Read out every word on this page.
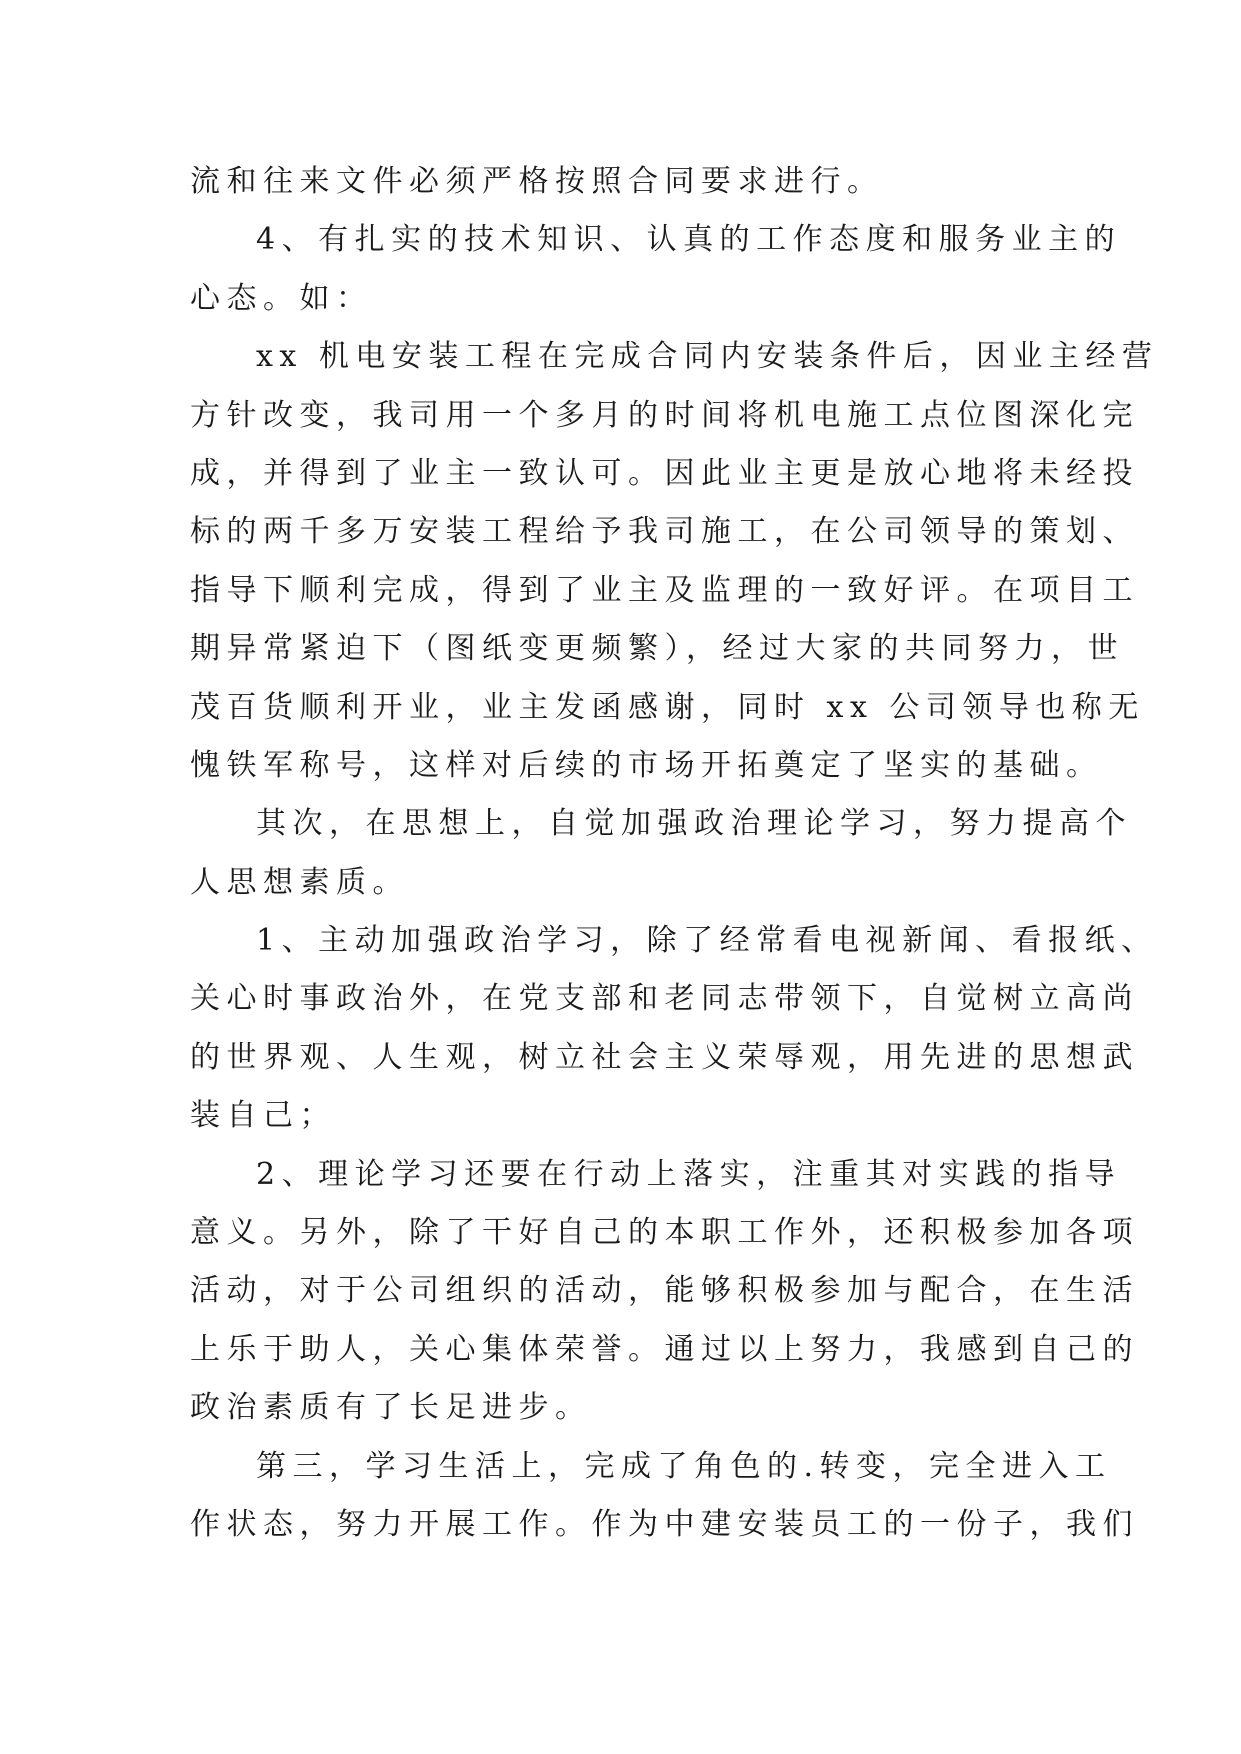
流和往来文件必须严格按照合同要求进行。
4、有扎实的技术知识、认真的工作态度和服务业主的
心态。如：
xx 机电安装工程在完成合同内安装条件后，因业主经营
方针改变，我司用一个多月的时间将机电施工点位图深化完
成，并得到了业主一致认可。因此业主更是放心地将未经投
标的两千多万安装工程给予我司施工，在公司领导的策划、
指导下顺利完成，得到了业主及监理的一致好评。在项目工
期异常紧迫下（图纸变更频繁），经过大家的共同努力，世
茂百货顺利开业，业主发函感谢，同时 xx 公司领导也称无
愧铁军称号，这样对后续的市场开拓奠定了坚实的基础。
其次，在思想上，自觉加强政治理论学习，努力提高个
人思想素质。
1、主动加强政治学习，除了经常看电视新闻、看报纸、
关心时事政治外，在党支部和老同志带领下，自觉树立高尚
的世界观、人生观，树立社会主义荣辱观，用先进的思想武
装自己；
2、理论学习还要在行动上落实，注重其对实践的指导
意义。另外，除了干好自己的本职工作外，还积极参加各项
活动，对于公司组织的活动，能够积极参加与配合，在生活
上乐于助人，关心集体荣誉。通过以上努力，我感到自己的
政治素质有了长足进步。
第三，学习生活上，完成了角色的.转变，完全进入工
作状态，努力开展工作。作为中建安装员工的一份子，我们
